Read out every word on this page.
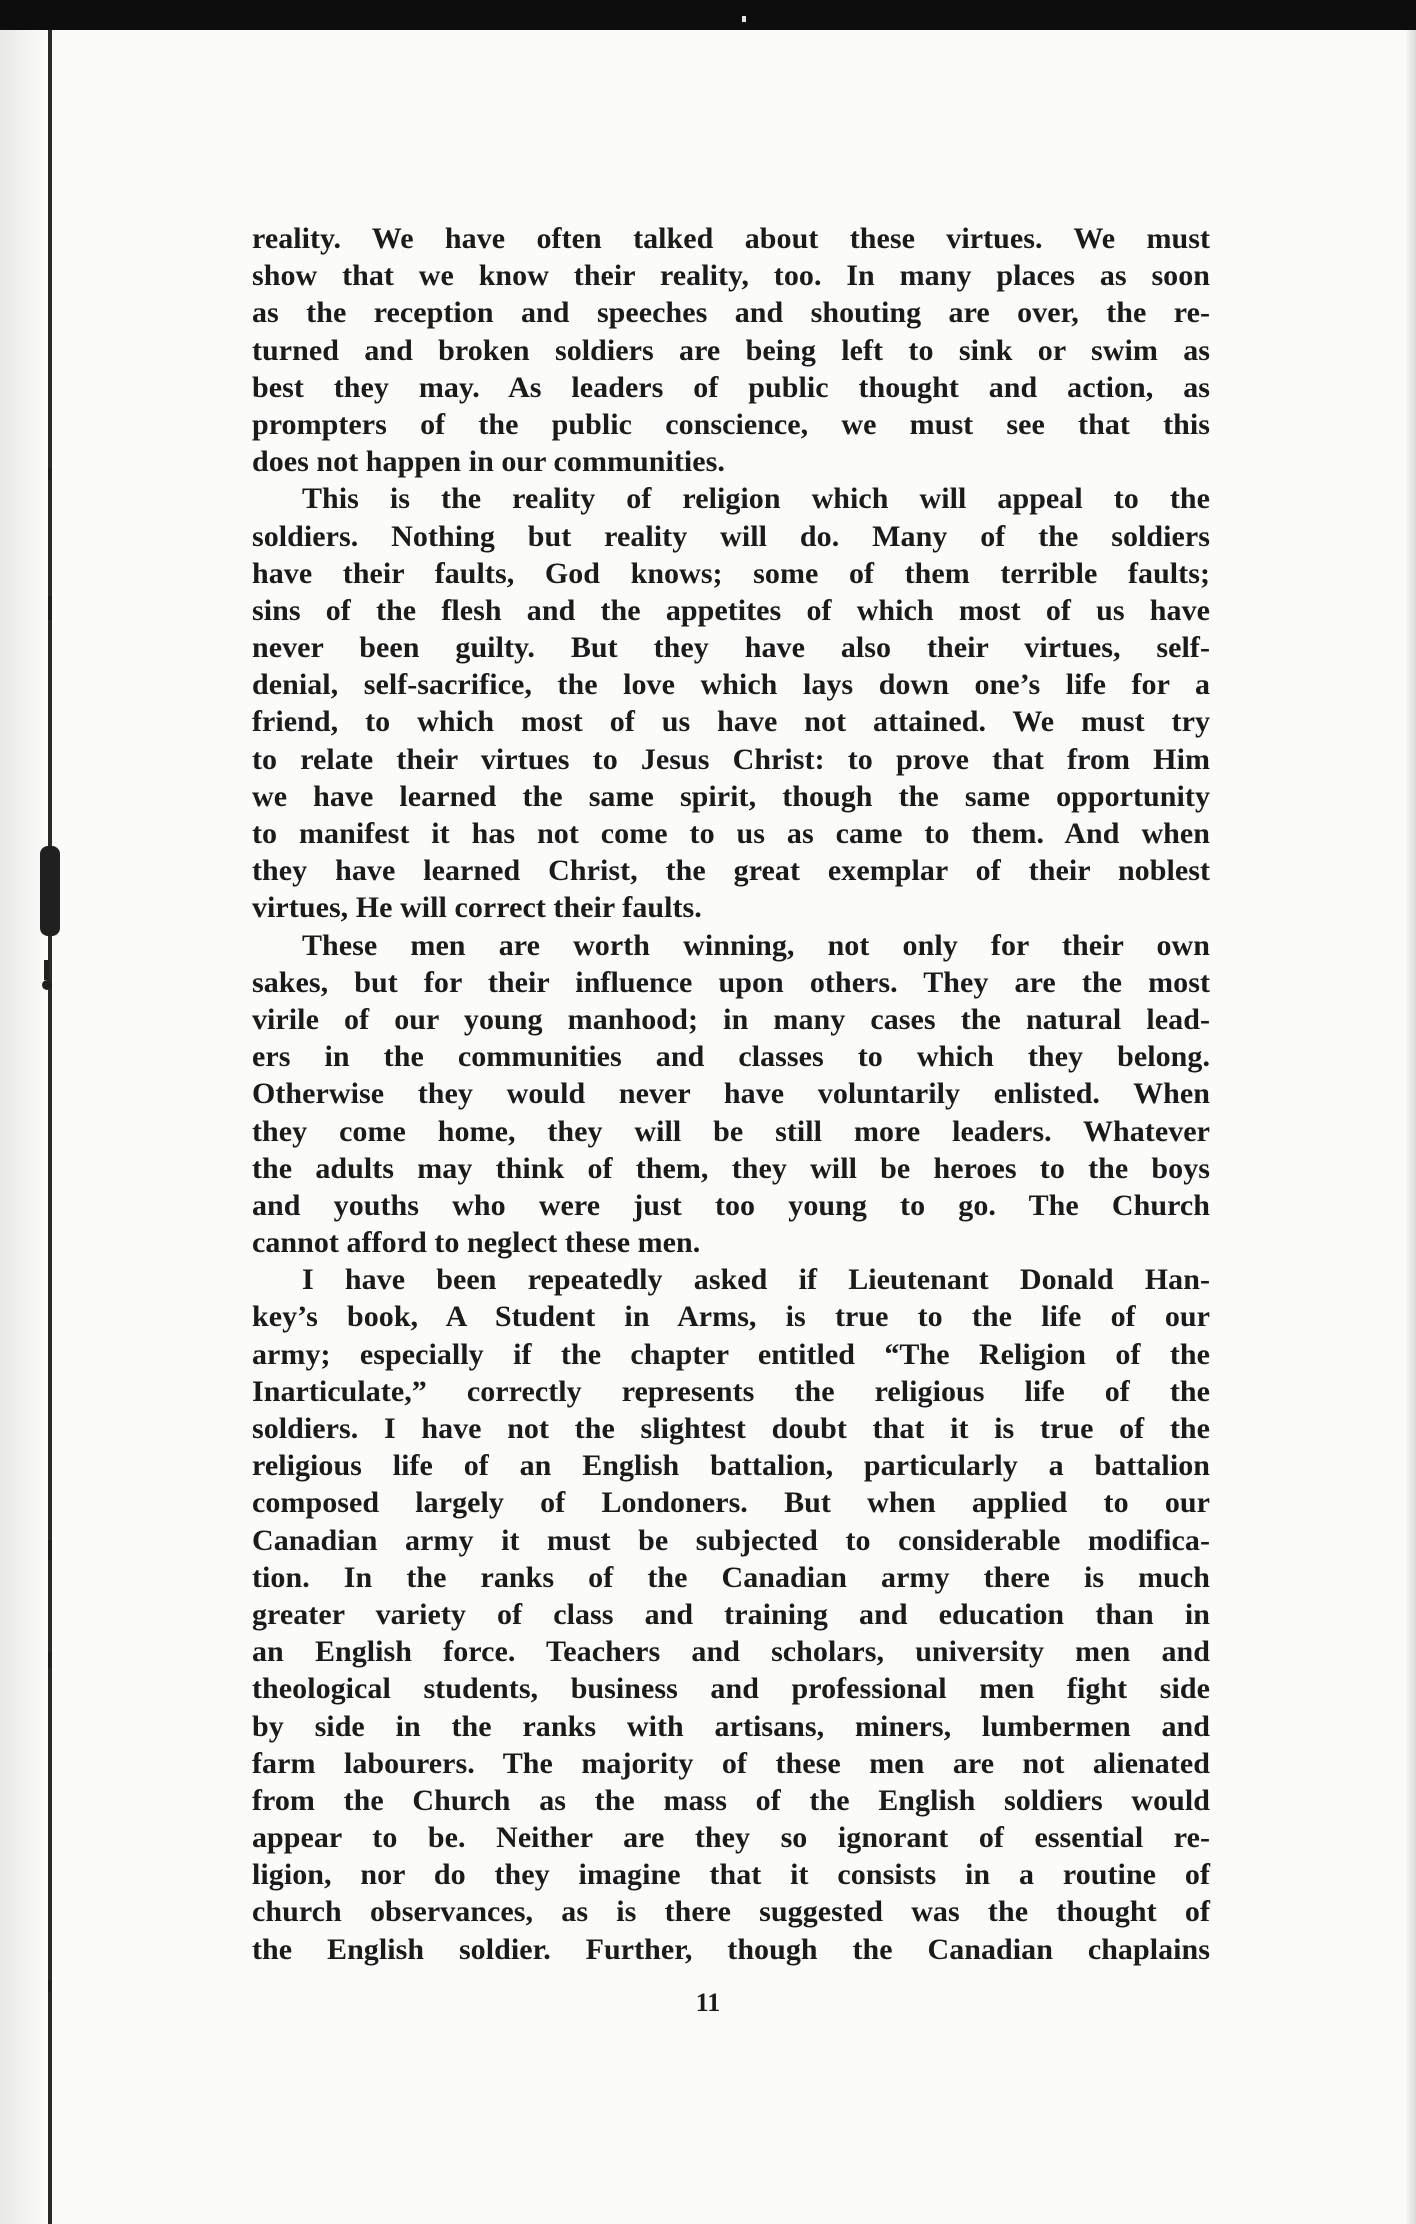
reality. We have often talked about these virtues. We must
show that we know their reality, too. In many places as soon
as the reception and speeches and shouting are over, the re-
turned and broken soldiers are being left to sink or swim as
best they may. As leaders of public thought and action, as
prompters of the public conscience, we must see that this
does not happen in our communities.
This is the reality of religion which will appeal to the
soldiers. Nothing but reality will do. Many of the soldiers
have their faults, God knows; some of them terrible faults;
sins of the flesh and the appetites of which most of us have
never been guilty. But they have also their virtues, self-
denial, self-sacrifice, the love which lays down one’s life for a
friend, to which most of us have not attained. We must try
to relate their virtues to Jesus Christ: to prove that from Him
we have learned the same spirit, though the same opportunity
to manifest it has not come to us as came to them. And when
they have learned Christ, the great exemplar of their noblest
virtues, He will correct their faults.
These men are worth winning, not only for their own
sakes, but for their influence upon others. They are the most
virile of our young manhood; in many cases the natural lead-
ers in the communities and classes to which they belong.
Otherwise they would never have voluntarily enlisted. When
they come home, they will be still more leaders. Whatever
the adults may think of them, they will be heroes to the boys
and youths who were just too young to go. The Church
cannot afford to neglect these men.
I have been repeatedly asked if Lieutenant Donald Han-
key’s book, A Student in Arms, is true to the life of our
army; especially if the chapter entitled “The Religion of the
Inarticulate,” correctly represents the religious life of the
soldiers. I have not the slightest doubt that it is true of the
religious life of an English battalion, particularly a battalion
composed largely of Londoners. But when applied to our
Canadian army it must be subjected to considerable modifica-
tion. In the ranks of the Canadian army there is much
greater variety of class and training and education than in
an English force. Teachers and scholars, university men and
theological students, business and professional men fight side
by side in the ranks with artisans, miners, lumbermen and
farm labourers. The majority of these men are not alienated
from the Church as the mass of the English soldiers would
appear to be. Neither are they so ignorant of essential re-
ligion, nor do they imagine that it consists in a routine of
church observances, as is there suggested was the thought of
the English soldier. Further, though the Canadian chaplains
11
